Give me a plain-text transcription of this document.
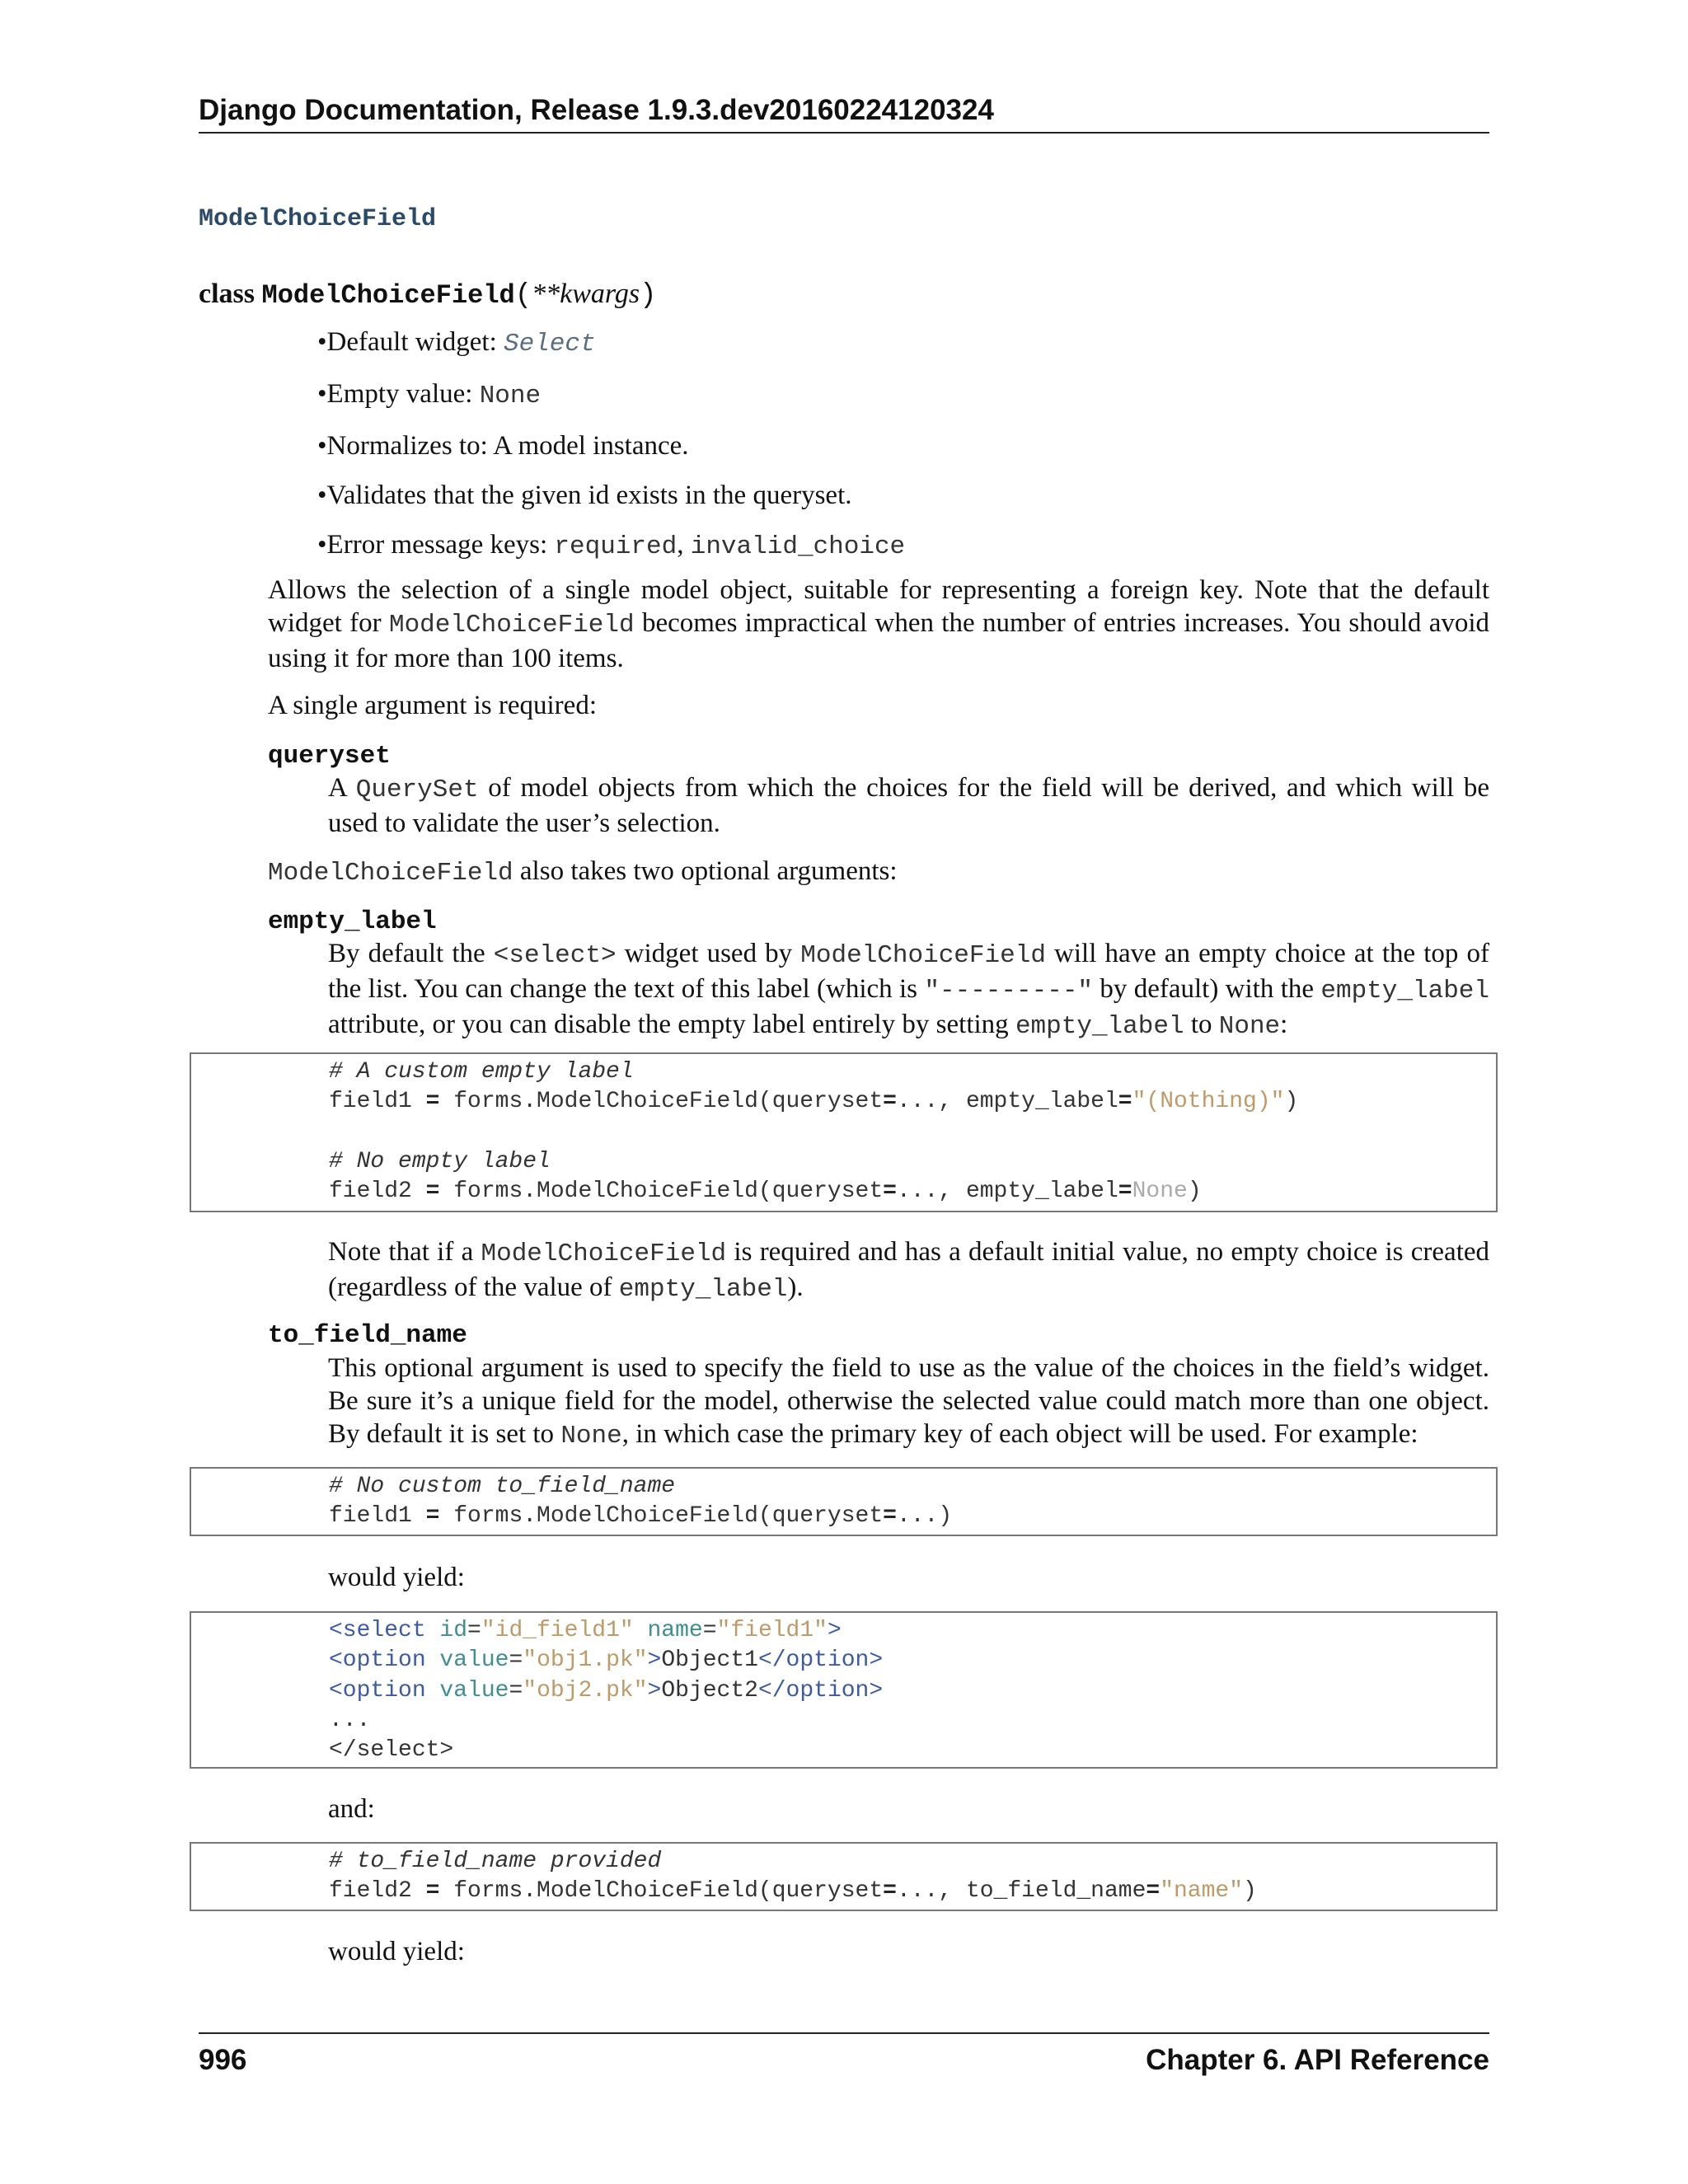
Django Documentation, Release 1.9.3.dev20160224120324
ModelChoiceField
class ModelChoiceField(**kwargs)
•Default widget: Select
•Empty value: None
•Normalizes to: A model instance.
•Validates that the given id exists in the queryset.
•Error message keys: required, invalid_choice
Allows the selection of a single model object, suitable for representing a foreign key. Note that the default widget for ModelChoiceField becomes impractical when the number of entries increases. You should avoid using it for more than 100 items.
A single argument is required:
queryset
A QuerySet of model objects from which the choices for the field will be derived, and which will be used to validate the user’s selection.
ModelChoiceField also takes two optional arguments:
empty_label
By default the <select> widget used by ModelChoiceField will have an empty choice at the top of the list. You can change the text of this label (which is "---------" by default) with the empty_label attribute, or you can disable the empty label entirely by setting empty_label to None:
# A custom empty label
field1 = forms.ModelChoiceField(queryset=..., empty_label="(Nothing)")
# No empty label
field2 = forms.ModelChoiceField(queryset=..., empty_label=None)
Note that if a ModelChoiceField is required and has a default initial value, no empty choice is created (regardless of the value of empty_label).
to_field_name
This optional argument is used to specify the field to use as the value of the choices in the field’s widget. Be sure it’s a unique field for the model, otherwise the selected value could match more than one object. By default it is set to None, in which case the primary key of each object will be used. For example:
# No custom to_field_name
field1 = forms.ModelChoiceField(queryset=...)
would yield:
<select id="id_field1" name="field1">
<option value="obj1.pk">Object1</option>
<option value="obj2.pk">Object2</option>
...
</select>
and:
# to_field_name provided
field2 = forms.ModelChoiceField(queryset=..., to_field_name="name")
would yield:
996	Chapter 6. API Reference
